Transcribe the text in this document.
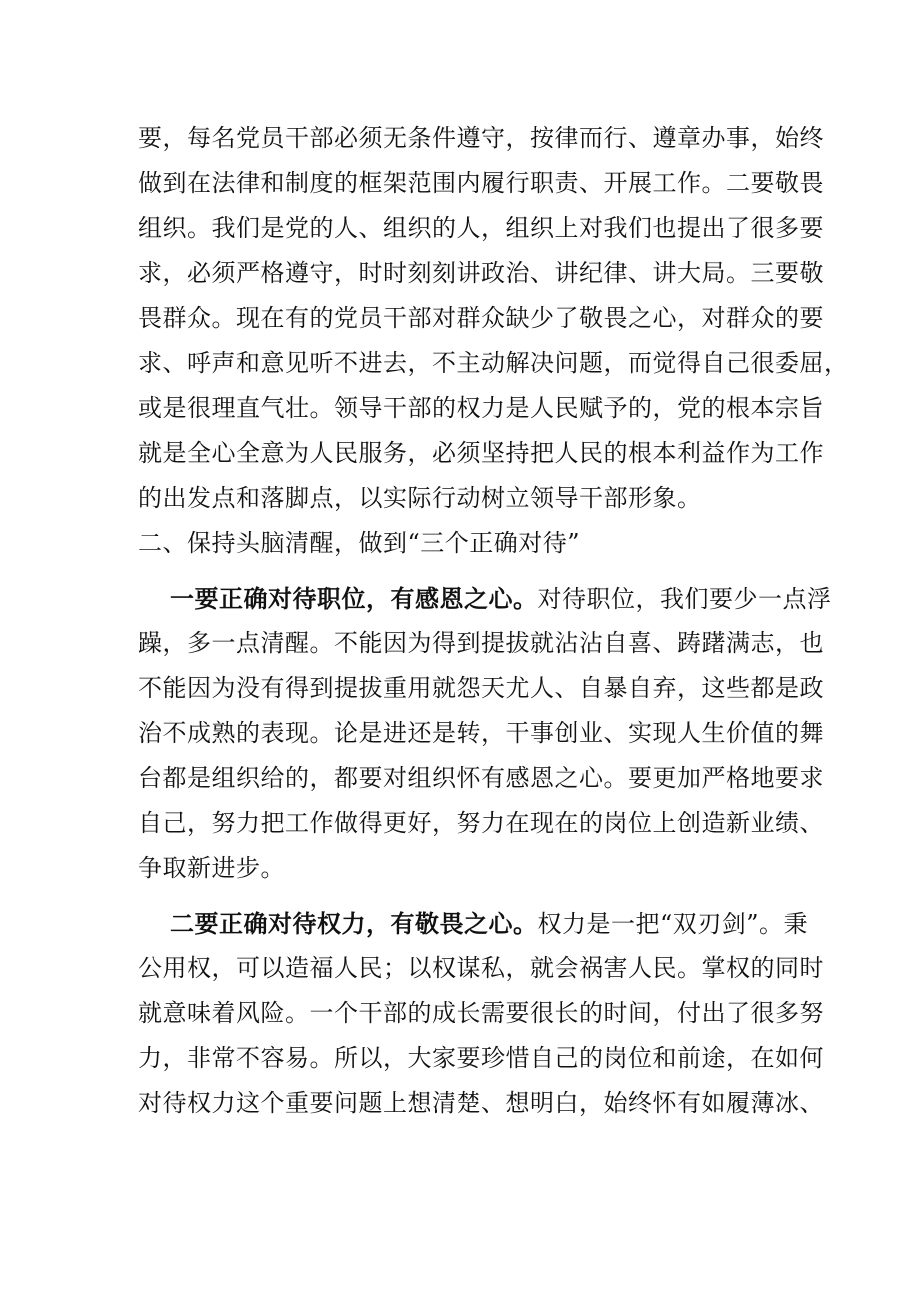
要，每名党员干部必须无条件遵守，按律而行、遵章办事，始终
做到在法律和制度的框架范围内履行职责、开展工作。二要敬畏
组织。我们是党的人、组织的人，组织上对我们也提出了很多要
求，必须严格遵守，时时刻刻讲政治、讲纪律、讲大局。三要敬
畏群众。现在有的党员干部对群众缺少了敬畏之心，对群众的要
求、呼声和意见听不进去，不主动解决问题，而觉得自己很委屈，
或是很理直气壮。领导干部的权力是人民赋予的，党的根本宗旨
就是全心全意为人民服务，必须坚持把人民的根本利益作为工作
的出发点和落脚点，以实际行动树立领导干部形象。
二、保持头脑清醒，做到“三个正确对待”
一要正确对待职位，有感恩之心。对待职位，我们要少一点浮
躁，多一点清醒。不能因为得到提拔就沾沾自喜、踌躇满志，也
不能因为没有得到提拔重用就怨天尤人、自暴自弃，这些都是政
治不成熟的表现。论是进还是转，干事创业、实现人生价值的舞
台都是组织给的，都要对组织怀有感恩之心。要更加严格地要求
自己，努力把工作做得更好，努力在现在的岗位上创造新业绩、
争取新进步。
二要正确对待权力，有敬畏之心。权力是一把“双刃剑”。秉
公用权，可以造福人民；以权谋私，就会祸害人民。掌权的同时
就意味着风险。一个干部的成长需要很长的时间，付出了很多努
力，非常不容易。所以，大家要珍惜自己的岗位和前途，在如何
对待权力这个重要问题上想清楚、想明白，始终怀有如履薄冰、
